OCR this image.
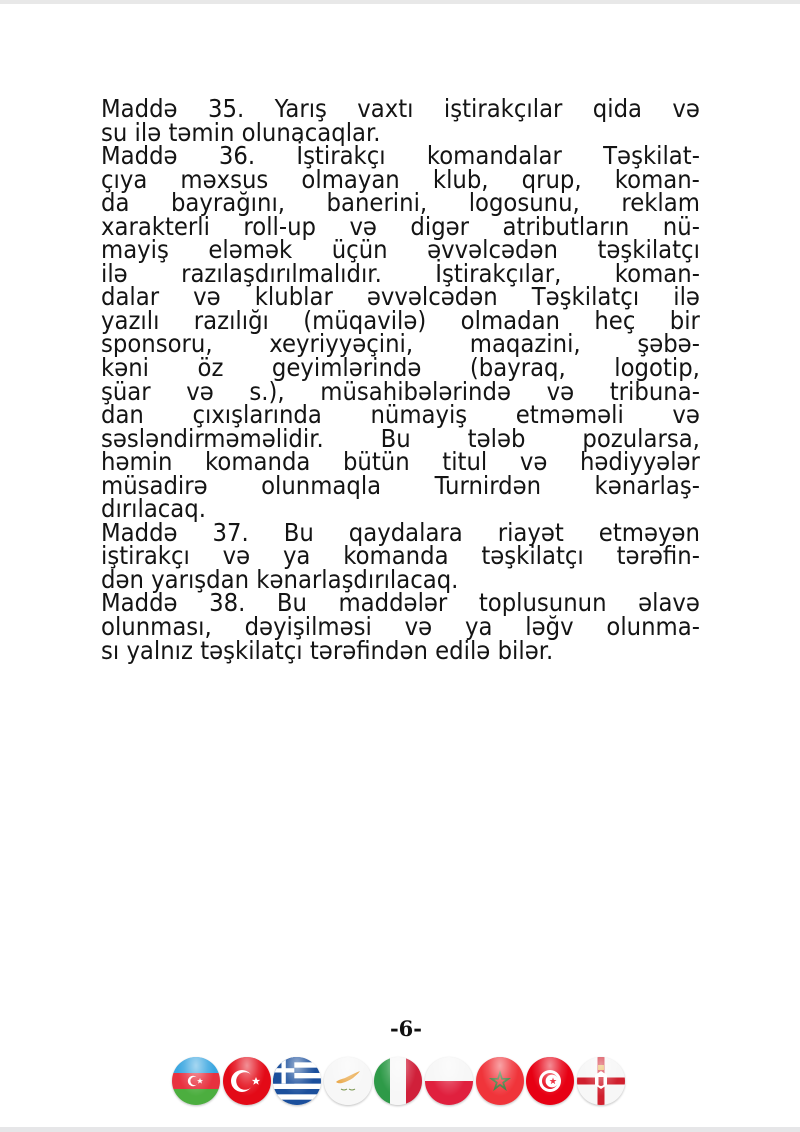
Maddə 35. Yarış vaxtı iştirakçılar qida və
su ilə təmin olunacaqlar.
Maddə 36. İştirakçı komandalar Təşkilat-
çıya məxsus olmayan klub, qrup, koman-
da bayrağını, banerini, logosunu, reklam
xarakterli roll-up və digər atributların nü-
mayiş eləmək üçün əvvəlcədən təşkilatçı
ilə razılaşdırılmalıdır. İştirakçılar, koman-
dalar və klublar əvvəlcədən Təşkilatçı ilə
yazılı razılığı (müqavilə) olmadan heç bir
sponsoru, xeyriyyəçini, maqazini, şəbə-
kəni öz geyimlərində (bayraq, logotip,
şüar və s.), müsahibələrində və tribuna-
dan çıxışlarında nümayiş etməməli və
səsləndirməməlidir. Bu tələb pozularsa,
həmin komanda bütün titul və hədiyyələr
müsadirə olunmaqla Turnirdən kənarlaş-
dırılacaq.
Maddə 37. Bu qaydalara riayət etməyən
iştirakçı və ya komanda təşkilatçı tərəfin-
dən yarışdan kənarlaşdırılacaq.
Maddə 38. Bu maddələr toplusunun əlavə
olunması, dəyişilməsi və ya ləğv olunma-
sı yalnız təşkilatçı tərəfindən edilə bilər.
-6-
